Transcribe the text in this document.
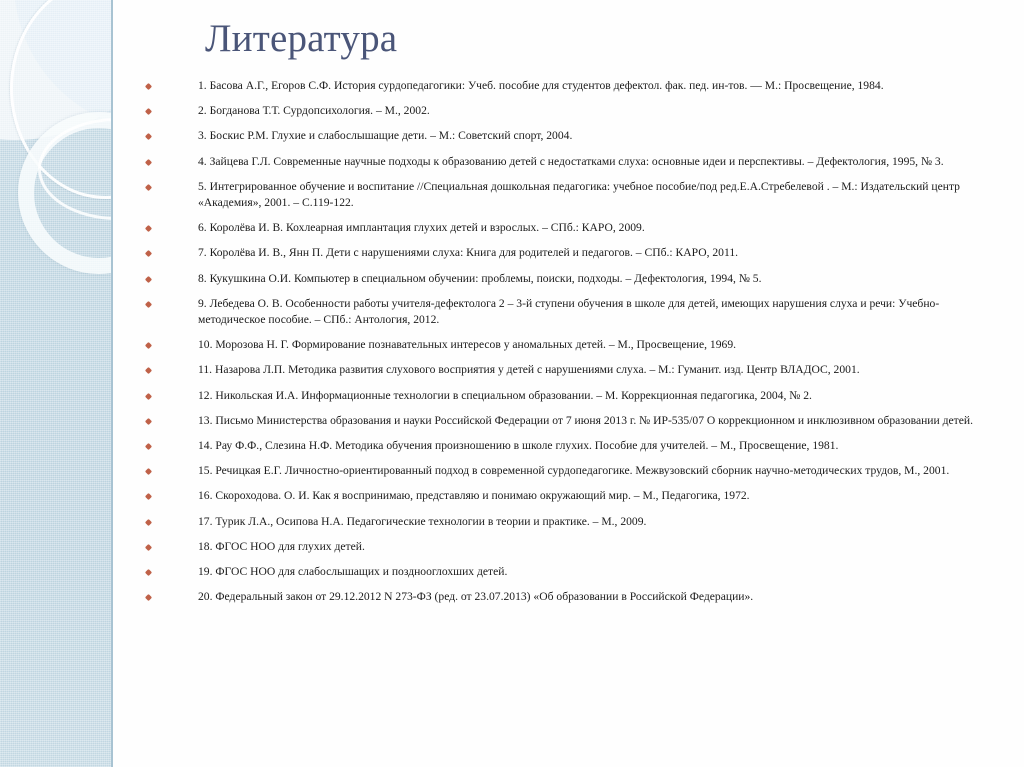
Литература
1. Басова А.Г., Егоров С.Ф. История сурдопедагогики: Учеб. пособие для студентов дефектол. фак. пед. ин-тов. — М.: Просвещение, 1984.
2. Богданова Т.Т. Сурдопсихология. – М., 2002.
3. Боскис Р.М. Глухие и слабослышащие дети. – М.: Советский спорт, 2004.
4. Зайцева Г.Л. Современные научные подходы к образованию детей с недостатками слуха: основные идеи и перспективы. – Дефектология, 1995, № 3.
5. Интегрированное обучение и воспитание //Специальная дошкольная педагогика: учебное пособие/под ред.Е.А.Стребелевой . – М.: Издательский центр «Академия», 2001. – С.119-122.
6. Королёва И. В. Кохлеарная имплантация глухих детей и взрослых. – СПб.: КАРО, 2009.
7. Королёва И. В., Янн П. Дети с нарушениями слуха: Книга для родителей и педагогов. – СПб.: КАРО, 2011.
8. Кукушкина О.И. Компьютер в специальном обучении: проблемы, поиски, подходы. – Дефектология, 1994, № 5.
9. Лебедева О. В. Особенности работы учителя-дефектолога 2 – 3-й ступени обучения в школе для детей, имеющих нарушения слуха и речи: Учебно-методическое пособие. – СПб.: Антология, 2012.
10. Морозова Н. Г. Формирование познавательных интересов у аномальных детей. – М., Просвещение, 1969.
11. Назарова Л.П. Методика развития слухового восприятия у детей с нарушениями слуха. – М.: Гуманит. изд. Центр ВЛАДОС, 2001.
12. Никольская И.А. Информационные технологии в специальном образовании. – М. Коррекционная педагогика, 2004, № 2.
13. Письмо Министерства образования и науки Российской Федерации от 7 июня 2013 г. № ИР-535/07 О коррекционном и инклюзивном образовании детей.
14. Рау Ф.Ф., Слезина Н.Ф. Методика обучения произношению в школе глухих. Пособие для учителей. – М., Просвещение, 1981.
15. Речицкая Е.Г. Личностно-ориентированный подход в современной сурдопедагогике. Межвузовский сборник научно-методических трудов, М., 2001.
16. Скороходова. О. И. Как я воспринимаю, представляю и понимаю окружающий мир. – М., Педагогика, 1972.
17. Турик Л.А., Осипова Н.А. Педагогические технологии в теории и практике. – М., 2009.
18. ФГОС НОО для глухих детей.
19. ФГОС НОО для слабослышащих и позднооглохших детей.
20. Федеральный закон от 29.12.2012 N 273-ФЗ (ред. от 23.07.2013) «Об образовании в Российской Федерации».
